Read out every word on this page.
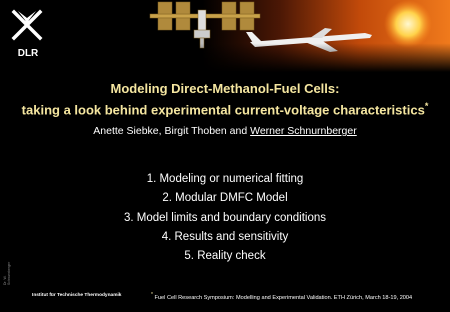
DLR
Modeling Direct-Methanol-Fuel Cells:
taking a look behind experimental current-voltage characteristics*
Anette Siebke, Birgit Thoben and Werner Schnurnberger
1. Modeling or numerical fitting
2. Modular DMFC Model
3. Model limits and boundary conditions
4. Results and sensitivity
5. Reality check
Dr. W. Schnurnberger
Institut für Technische Thermodynamik	* Fuel Cell Research Symposium: Modelling and Experimental Validation. ETH Zürich, March 18-19, 2004
